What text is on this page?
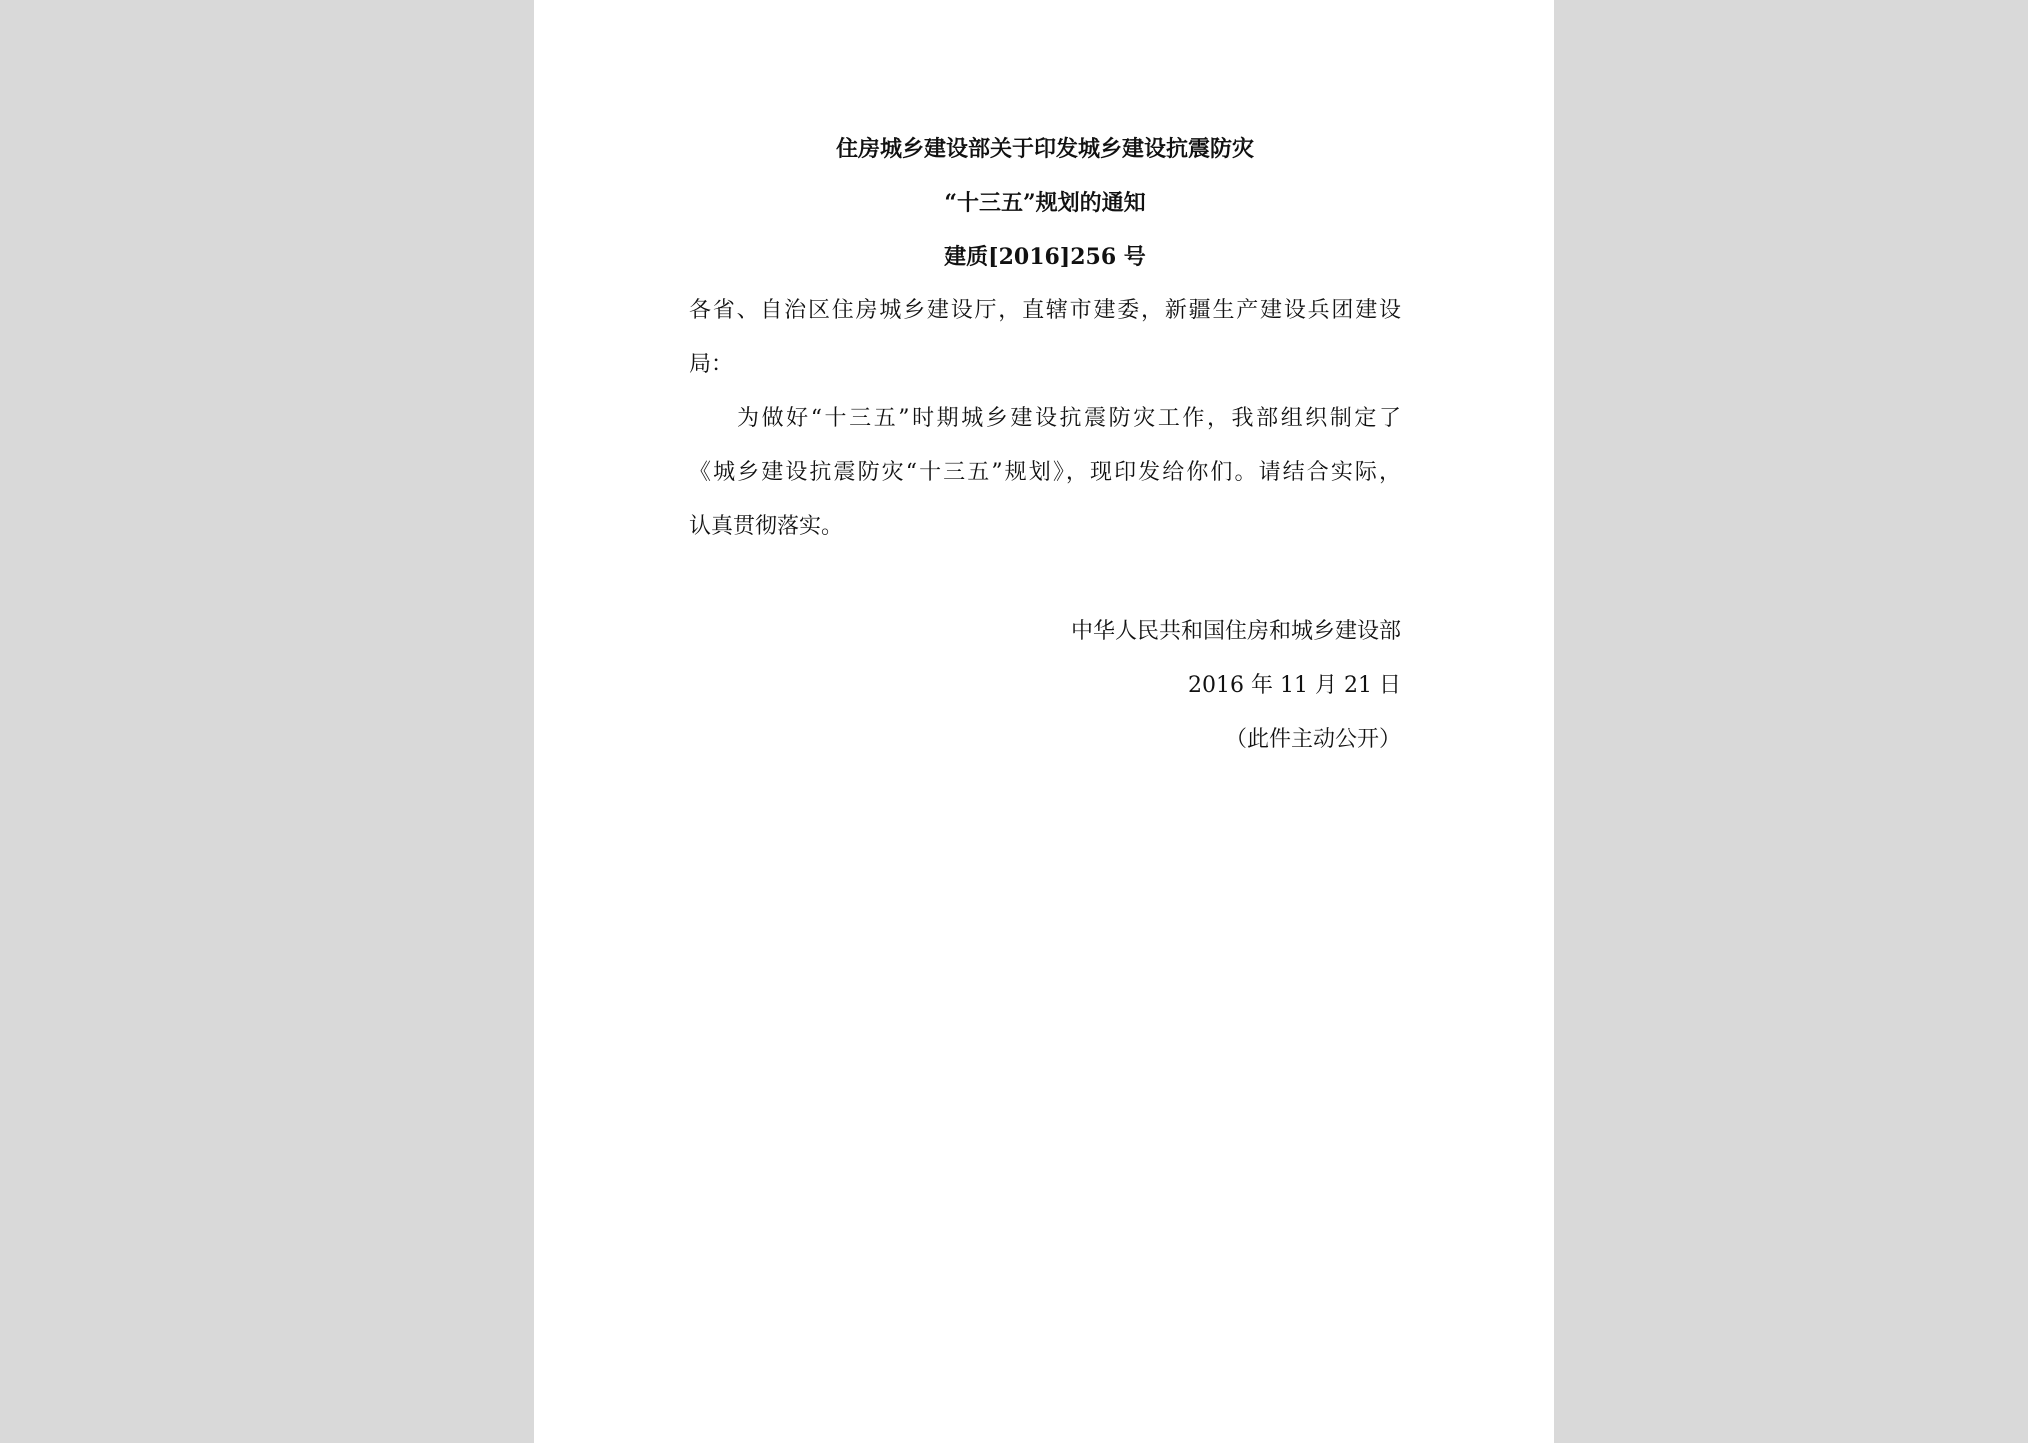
住房城乡建设部关于印发城乡建设抗震防灾
“十三五”规划的通知
建质[2016]256 号
各省、自治区住房城乡建设厅，直辖市建委，新疆生产建设兵团建设
局：
为做好“十三五”时期城乡建设抗震防灾工作，我部组织制定了
《城乡建设抗震防灾“十三五”规划》，现印发给你们。请结合实际，
认真贯彻落实。
中华人民共和国住房和城乡建设部
2016 年 11 月 21 日
（此件主动公开）
